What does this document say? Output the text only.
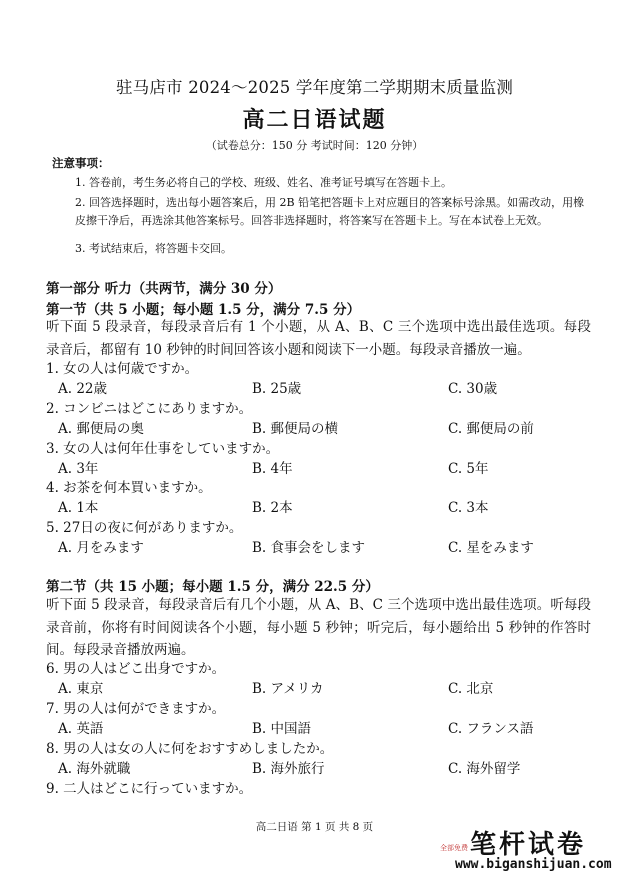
驻马店市 2024～2025 学年度第二学期期末质量监测
高二日语试题
（试卷总分：150 分 考试时间：120 分钟）
注意事项：
1. 答卷前，考生务必将自己的学校、班级、姓名、准考证号填写在答题卡上。
2. 回答选择题时，选出每小题答案后，用 2B 铅笔把答题卡上对应题目的答案标号涂黑。如需改动，用橡皮擦干净后，再选涂其他答案标号。回答非选择题时，将答案写在答题卡上。写在本试卷上无效。
3. 考试结束后，将答题卡交回。
第一部分 听力（共两节，满分 30 分）
第一节（共 5 小题；每小题 1.5 分，满分 7.5 分）
听下面 5 段录音，每段录音后有 1 个小题，从 A、B、C 三个选项中选出最佳选项。每段录音后，都留有 10 秒钟的时间回答该小题和阅读下一小题。每段录音播放一遍。
1. 女の人は何歳ですか。
A. 22歳	B. 25歳	C. 30歳
2. コンビニはどこにありますか。
A. 郵便局の奥	B. 郵便局の横	C. 郵便局の前
3. 女の人は何年仕事をしていますか。
A. 3年	B. 4年	C. 5年
4. お茶を何本買いますか。
A. 1本	B. 2本	C. 3本
5. 27日の夜に何がありますか。
A. 月をみます	B. 食事会をします	C. 星をみます
第二节（共 15 小题；每小题 1.5 分，满分 22.5 分）
听下面 5 段录音，每段录音后有几个小题，从 A、B、C 三个选项中选出最佳选项。听每段录音前，你将有时间阅读各个小题，每小题 5 秒钟；听完后，每小题给出 5 秒钟的作答时间。每段录音播放两遍。
6. 男の人はどこ出身ですか。
A. 東京	B. アメリカ	C. 北京
7. 男の人は何ができますか。
A. 英語	B. 中国語	C. フランス語
8. 男の人は女の人に何をおすすめしましたか。
A. 海外就職	B. 海外旅行	C. 海外留学
9. 二人はどこに行っていますか。
高二日语 第 1 页 共 8 页
笔杆试卷
全部免费
www.biganshijuan.com
